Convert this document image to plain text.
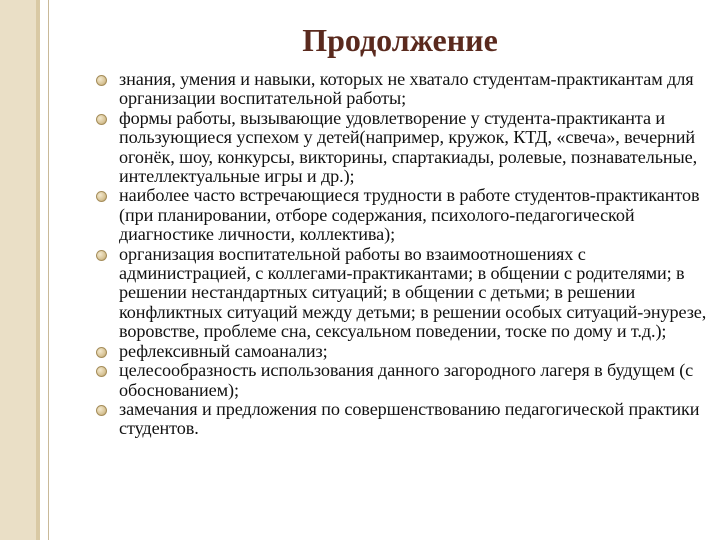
Продолжение
знания, умения и навыки, которых не хватало студентам-практикантам для организации воспитательной работы;
формы работы, вызывающие удовлетворение у студента-практиканта и пользующиеся успехом у детей(например, кружок, КТД, «свеча», вечерний огонёк, шоу, конкурсы, викторины, спартакиады, ролевые, познавательные, интеллектуальные игры и др.);
наиболее часто встречающиеся трудности в работе студентов-практикантов (при планировании, отборе содержания, психолого-педагогической диагностике личности, коллектива);
организация воспитательной работы во взаимоотношениях с администрацией, с коллегами-практикантами; в общении с родителями; в решении нестандартных ситуаций; в общении с детьми; в решении конфликтных ситуаций между детьми; в решении особых ситуаций-энурезе, воровстве, проблеме сна, сексуальном поведении, тоске по дому и т.д.);
рефлексивный самоанализ;
целесообразность использования данного загородного лагеря в будущем (с обоснованием);
замечания и предложения по совершенствованию педагогической практики студентов.
